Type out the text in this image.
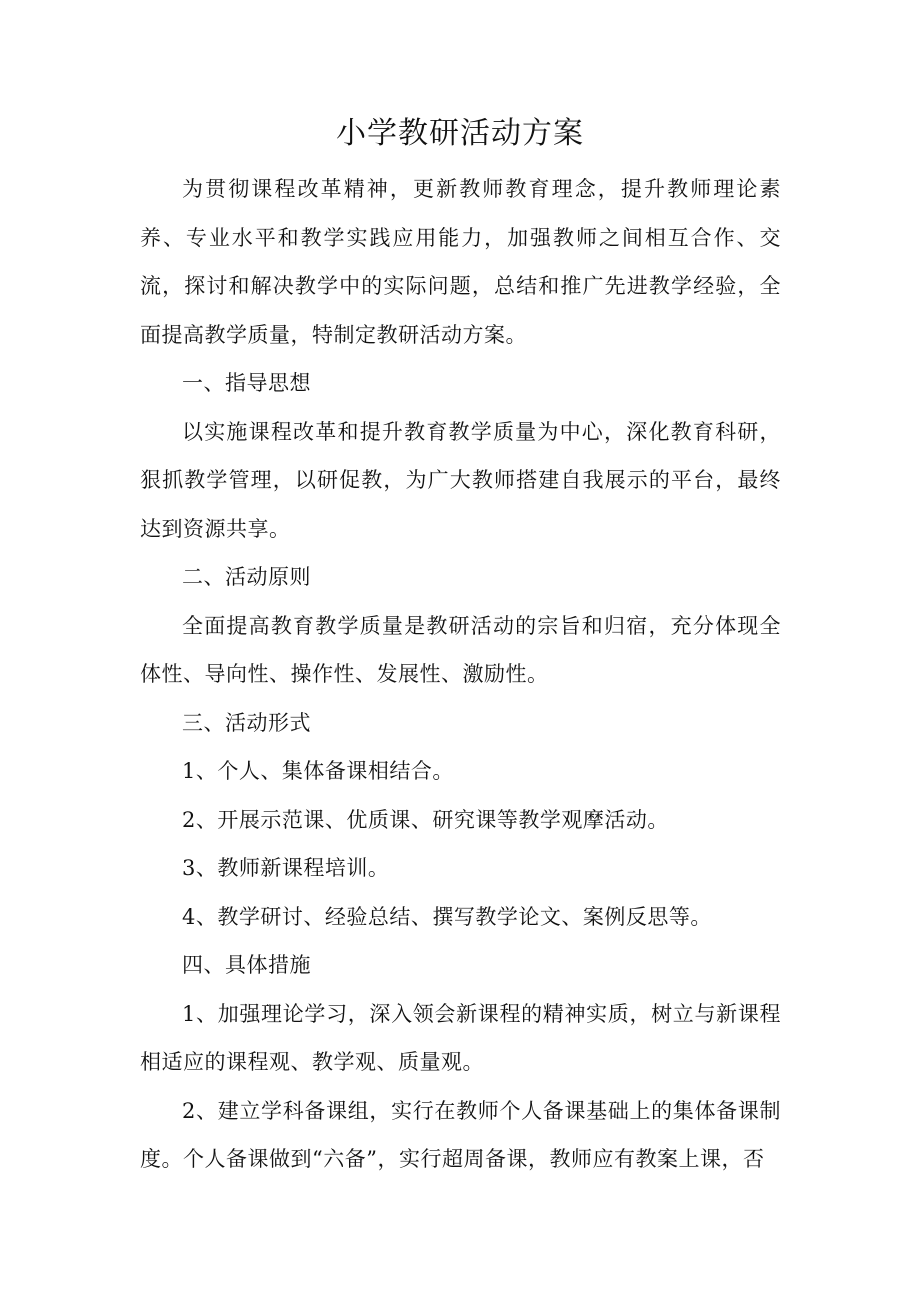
小学教研活动方案

为贯彻课程改革精神，更新教师教育理念，提升教师理论素养、专业水平和教学实践应用能力，加强教师之间相互合作、交流，探讨和解决教学中的实际问题，总结和推广先进教学经验，全面提高教学质量，特制定教研活动方案。

一、指导思想

以实施课程改革和提升教育教学质量为中心，深化教育科研，狠抓教学管理，以研促教，为广大教师搭建自我展示的平台，最终达到资源共享。

二、活动原则

全面提高教育教学质量是教研活动的宗旨和归宿，充分体现全体性、导向性、操作性、发展性、激励性。

三、活动形式

1、个人、集体备课相结合。

2、开展示范课、优质课、研究课等教学观摩活动。

3、教师新课程培训。

4、教学研讨、经验总结、撰写教学论文、案例反思等。

四、具体措施

1、加强理论学习，深入领会新课程的精神实质，树立与新课程相适应的课程观、教学观、质量观。

2、建立学科备课组，实行在教师个人备课基础上的集体备课制度。个人备课做到“六备”，实行超周备课，教师应有教案上课，否
